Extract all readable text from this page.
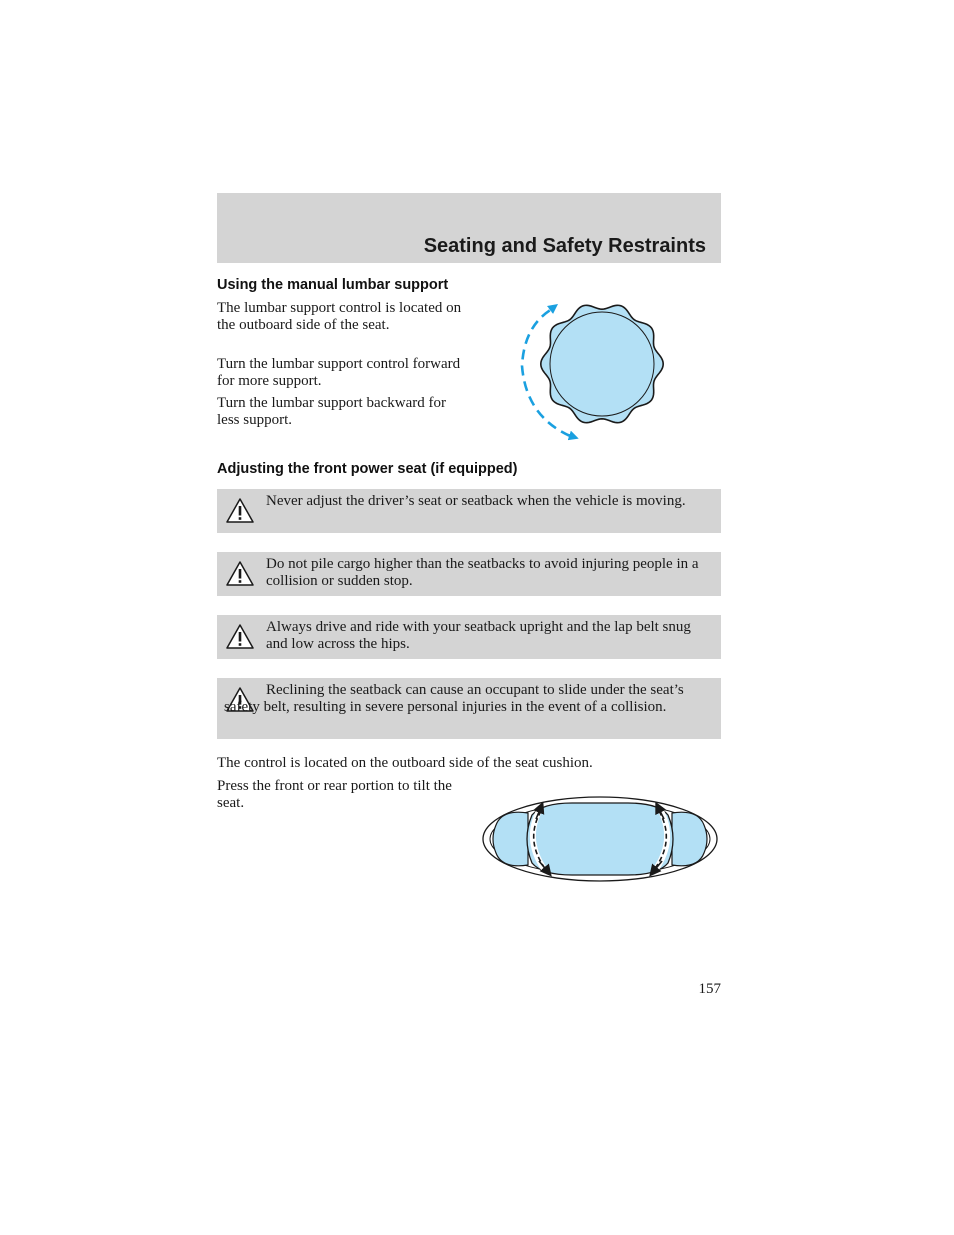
Seating and Safety Restraints
Using the manual lumbar support
The lumbar support control is located on the outboard side of the seat.
Turn the lumbar support control forward for more support.
Turn the lumbar support backward for less support.
Adjusting the front power seat (if equipped)
Never adjust the driver’s seat or seatback when the vehicle is moving.
Do not pile cargo higher than the seatbacks to avoid injuring people in a collision or sudden stop.
Always drive and ride with your seatback upright and the lap belt snug and low across the hips.
Reclining the seatback can cause an occupant to slide under the seat’s safety belt, resulting in severe personal injuries in the event of a collision.
The control is located on the outboard side of the seat cushion.
Press the front or rear portion to tilt the seat.
157
